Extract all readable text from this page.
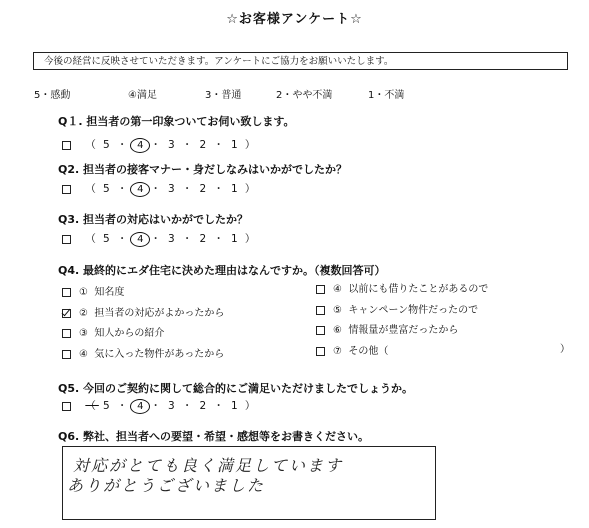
☆お客様アンケート☆
今後の経営に反映させていただきます。アンケートにご協力をお願いいたします。
5・感動	④満足	3・普通	2・やや不満	1・不満
Q１. 担当者の第一印象ついてお伺い致します。
（ 5 ・ 4 ・ 3 ・ 2 ・ 1 ）
Q2. 担当者の接客マナー・身だしなみはいかがでしたか？
（ 5 ・ 4 ・ 3 ・ 2 ・ 1 ）
Q3. 担当者の対応はいかがでしたか？
（ 5 ・ 4 ・ 3 ・ 2 ・ 1 ）
Q4. 最終的にエダ住宅に決めた理由はなんですか。（複数回答可）
① 知名度
② 担当者の対応がよかったから
③ 知人からの紹介
④ 気に入った物件があったから
④ 以前にも借りたことがあるので
⑤ キャンペーン物件だったので
⑥ 情報量が豊富だったから
⑦ その他（	）
Q5. 今回のご契約に関して総合的にご満足いただけましたでしょうか。
（ 5 ・ 4 ・ 3 ・ 2 ・ 1 ）
Q6. 弊社、担当者への要望・希望・感想等をお書きください。
対応がとても良く満足しています
ありがとうございました
